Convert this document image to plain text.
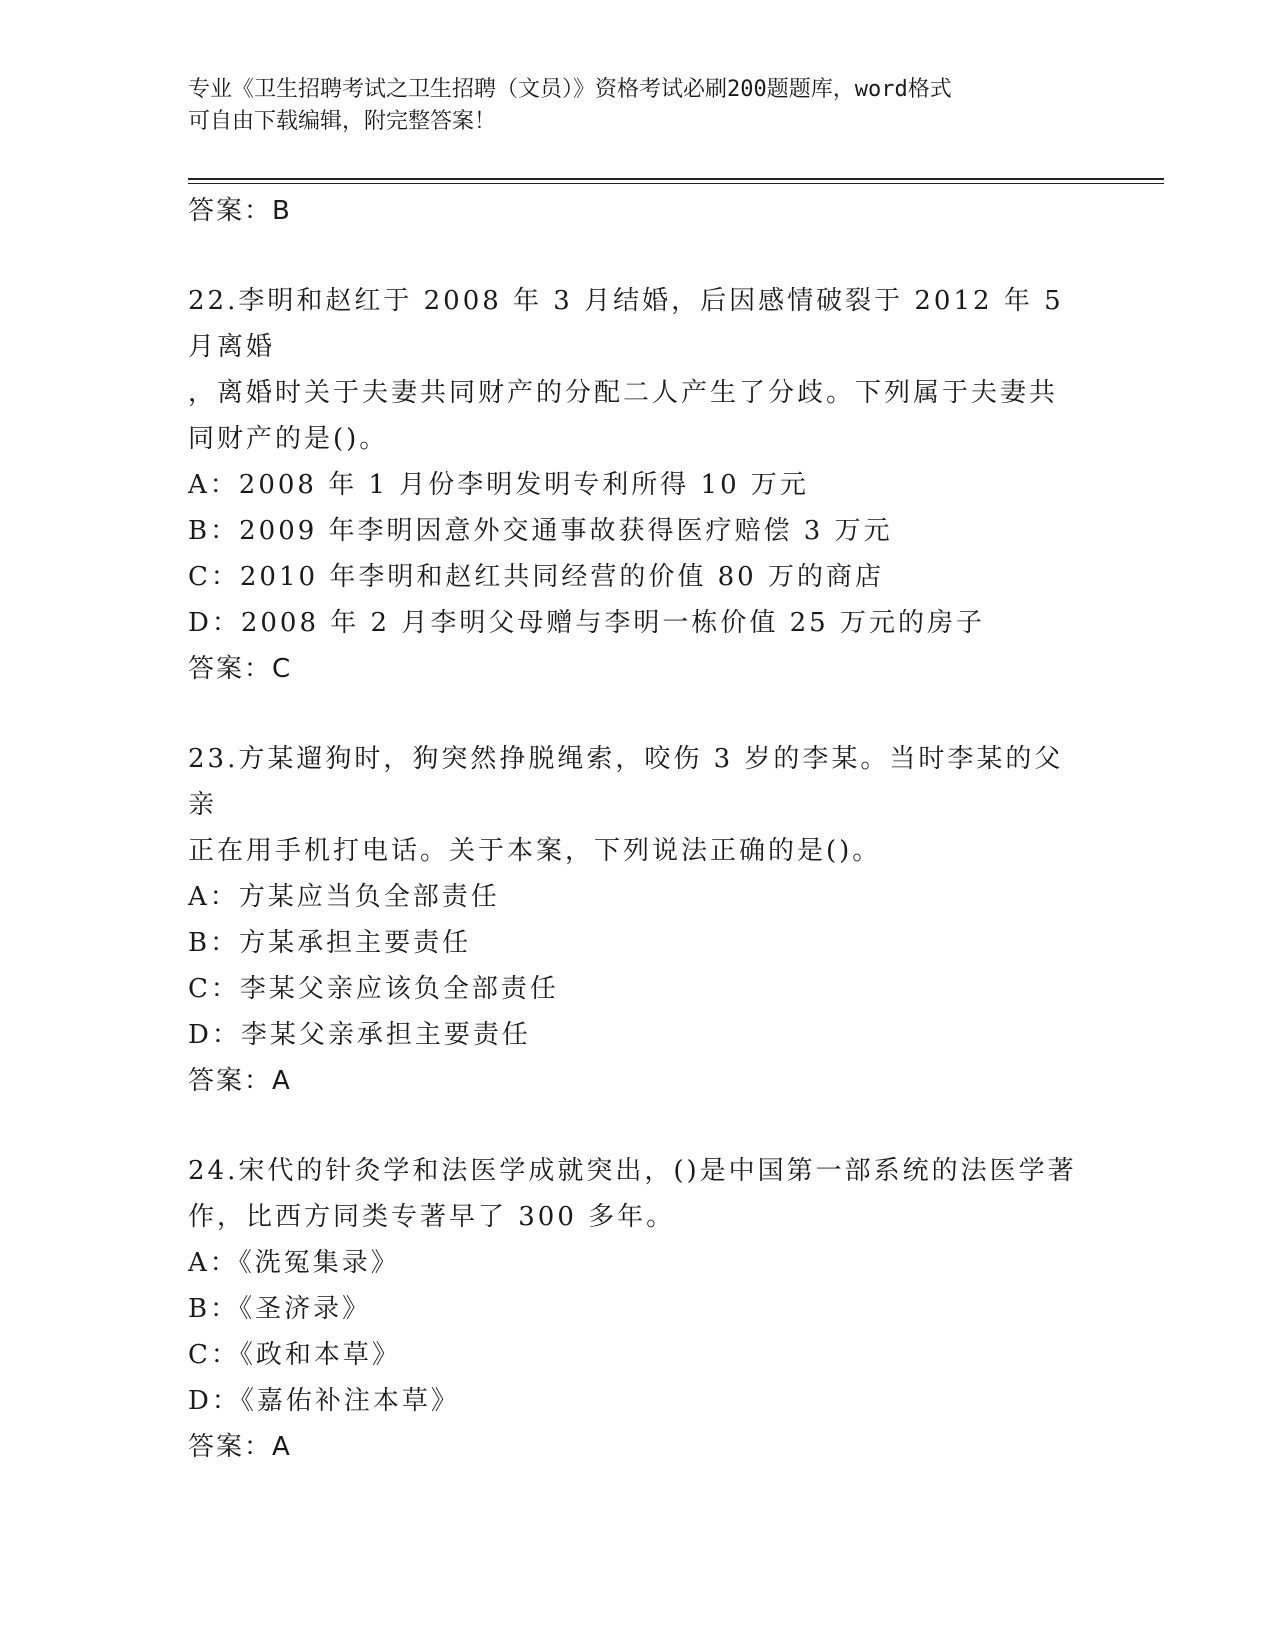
专业《卫生招聘考试之卫生招聘（文员）》资格考试必刷200题题库，word格式
可自由下载编辑，附完整答案！
答案：B
22.李明和赵红于 2008 年 3 月结婚，后因感情破裂于 2012 年 5 月离婚
，离婚时关于夫妻共同财产的分配二人产生了分歧。下列属于夫妻共
同财产的是()。
A：2008 年 1 月份李明发明专利所得 10 万元
B：2009 年李明因意外交通事故获得医疗赔偿 3 万元
C：2010 年李明和赵红共同经营的价值 80 万的商店
D：2008 年 2 月李明父母赠与李明一栋价值 25 万元的房子
答案：C
23.方某遛狗时，狗突然挣脱绳索，咬伤 3 岁的李某。当时李某的父亲
正在用手机打电话。关于本案，下列说法正确的是()。
A：方某应当负全部责任
B：方某承担主要责任
C：李某父亲应该负全部责任
D：李某父亲承担主要责任
答案：A
24.宋代的针灸学和法医学成就突出，()是中国第一部系统的法医学著
作，比西方同类专著早了 300 多年。
A：《洗冤集录》
B：《圣济录》
C：《政和本草》
D：《嘉佑补注本草》
答案：A
